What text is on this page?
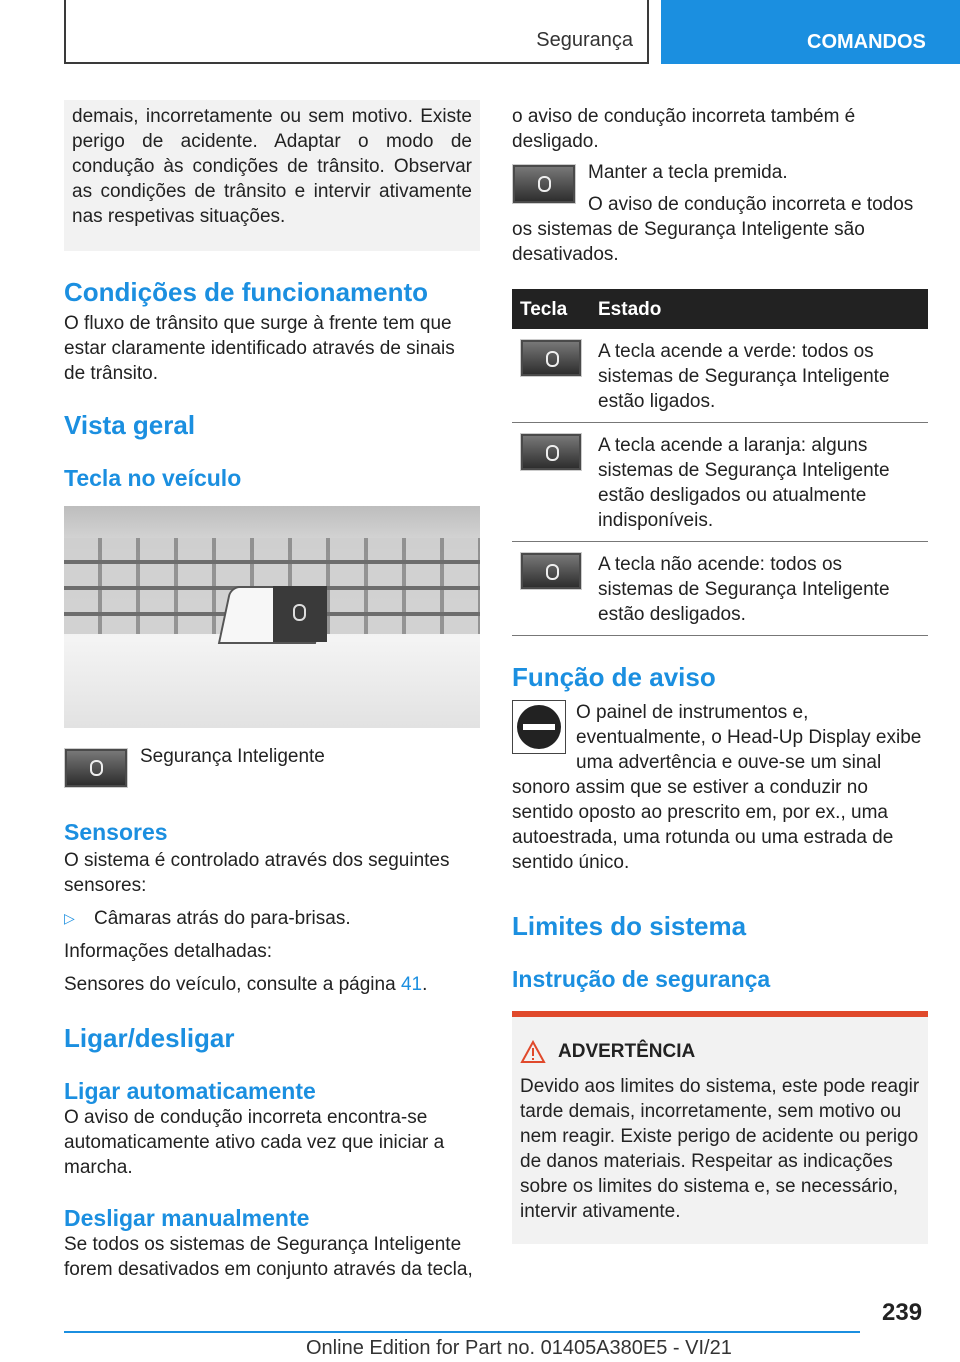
Segurança	COMANDOS

demais, incorretamente ou sem motivo. Existe perigo de acidente. Adaptar o modo de condução às condições de trânsito. Observar as condições de trânsito e intervir ativamente nas respetivas situações.

Condições de funcionamento

O fluxo de trânsito que surge à frente tem que estar claramente identificado através de sinais de trânsito.

Vista geral

Tecla no veículo

Segurança Inteligente

Sensores

O sistema é controlado através dos seguintes sensores:

▷ Câmaras atrás do para-brisas.

Informações detalhadas:

Sensores do veículo, consulte a página 41.

Ligar/desligar

Ligar automaticamente

O aviso de condução incorreta encontra-se automaticamente ativo cada vez que iniciar a marcha.

Desligar manualmente

Se todos os sistemas de Segurança Inteligente forem desativados em conjunto através da tecla,

o aviso de condução incorreta também é desligado.

Manter a tecla premida.

O aviso de condução incorreta e todos os sistemas de Segurança Inteligente são desativados.

Tecla	Estado

	A tecla acende a verde: todos os sistemas de Segurança Inteligente estão ligados.

	A tecla acende a laranja: alguns sistemas de Segurança Inteligente estão desligados ou atualmente indisponíveis.

	A tecla não acende: todos os sistemas de Segurança Inteligente estão desligados.

Função de aviso

O painel de instrumentos e, eventualmente, o Head-Up Display exibe uma advertência e ouve-se um sinal sonoro assim que se estiver a conduzir no sentido oposto ao prescrito em, por ex., uma autoestrada, uma rotunda ou uma estrada de sentido único.

Limites do sistema

Instrução de segurança

ADVERTÊNCIA

Devido aos limites do sistema, este pode reagir tarde demais, incorretamente, sem motivo ou nem reagir. Existe perigo de acidente ou perigo de danos materiais. Respeitar as indicações sobre os limites do sistema e, se necessário, intervir ativamente.

239
Online Edition for Part no. 01405A380E5 - VI/21
